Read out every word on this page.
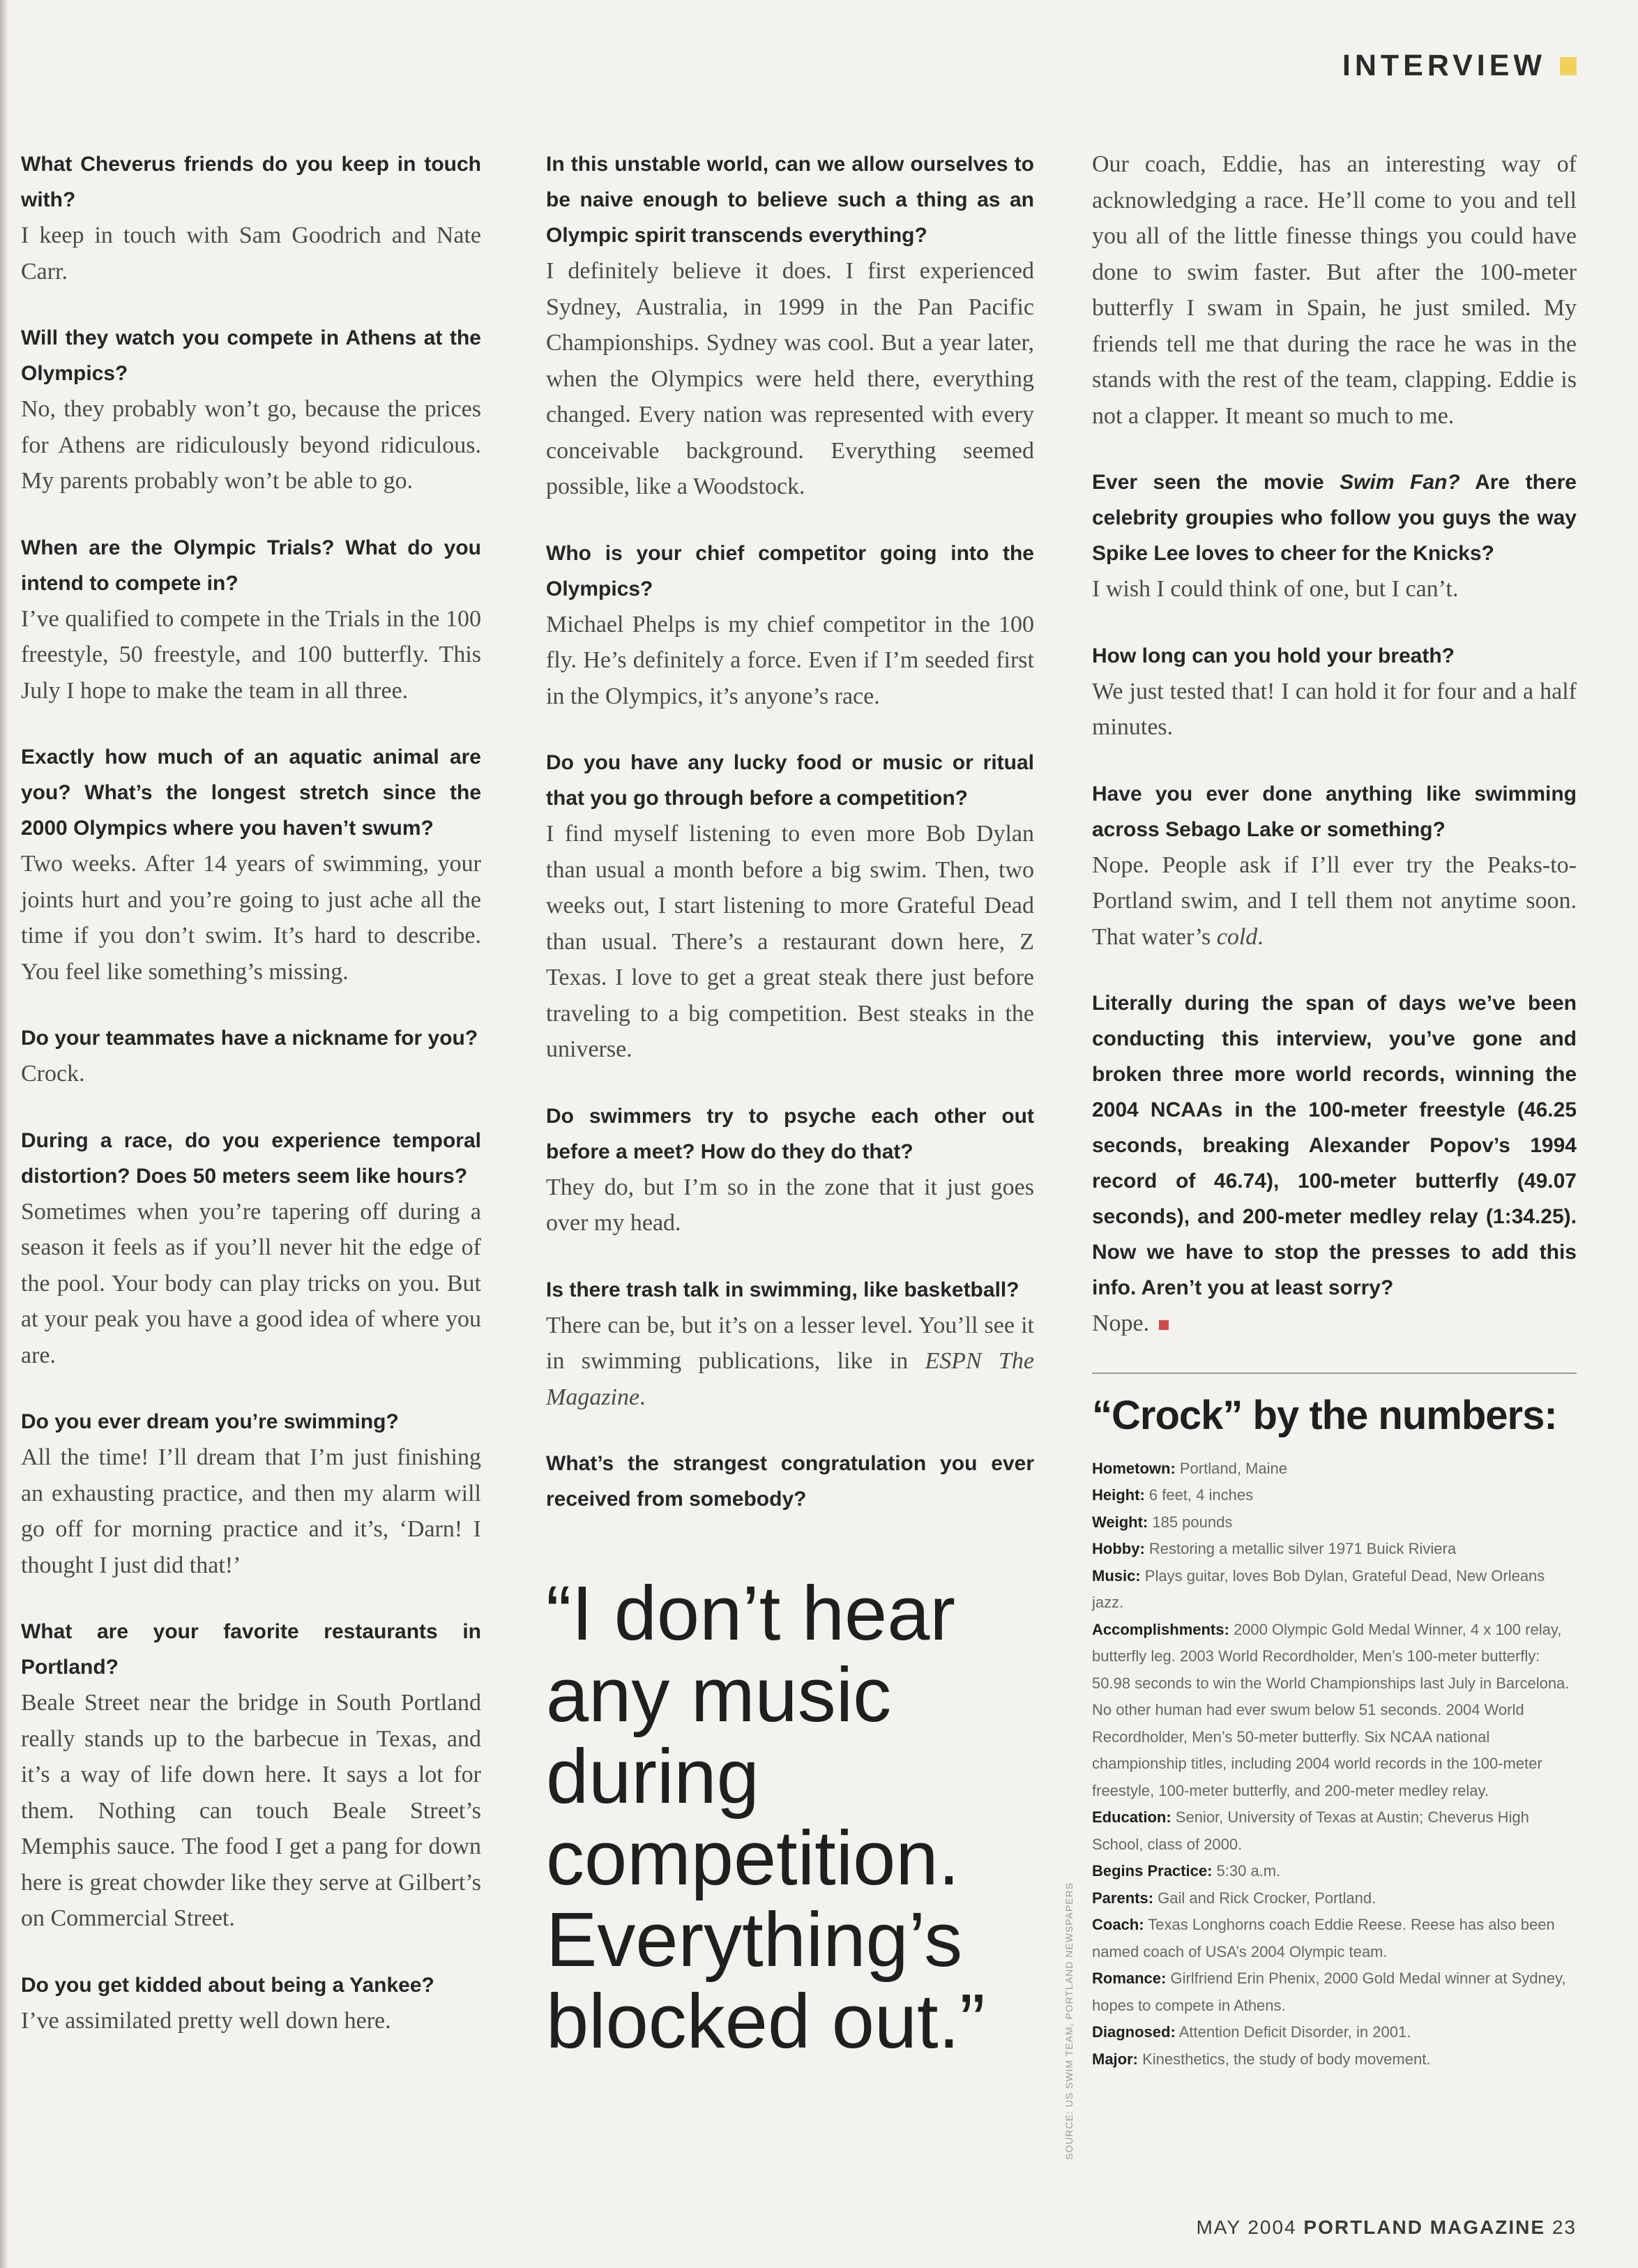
INTERVIEW

What Cheverus friends do you keep in touch with?

I keep in touch with Sam Goodrich and Nate Carr.

Will they watch you compete in Athens at the Olympics?

No, they probably won’t go, because the prices for Athens are ridiculously beyond ridiculous. My parents probably won’t be able to go.

When are the Olympic Trials? What do you intend to compete in?

I’ve qualified to compete in the Trials in the 100 freestyle, 50 freestyle, and 100 butterfly. This July I hope to make the team in all three.

Exactly how much of an aquatic animal are you? What’s the longest stretch since the 2000 Olympics where you haven’t swum?

Two weeks. After 14 years of swimming, your joints hurt and you’re going to just ache all the time if you don’t swim. It’s hard to describe. You feel like something’s missing.

Do your teammates have a nickname for you?

Crock.

During a race, do you experience temporal distortion? Does 50 meters seem like hours?

Sometimes when you’re tapering off during a season it feels as if you’ll never hit the edge of the pool. Your body can play tricks on you. But at your peak you have a good idea of where you are.

Do you ever dream you’re swimming?

All the time! I’ll dream that I’m just finishing an exhausting practice, and then my alarm will go off for morning practice and it’s, ‘Darn! I thought I just did that!’

What are your favorite restaurants in Portland?

Beale Street near the bridge in South Portland really stands up to the barbecue in Texas, and it’s a way of life down here. It says a lot for them. Nothing can touch Beale Street’s Memphis sauce. The food I get a pang for down here is great chowder like they serve at Gilbert’s on Commercial Street.

Do you get kidded about being a Yankee?

I’ve assimilated pretty well down here.

In this unstable world, can we allow ourselves to be naive enough to believe such a thing as an Olympic spirit transcends everything?

I definitely believe it does. I first experienced Sydney, Australia, in 1999 in the Pan Pacific Championships. Sydney was cool. But a year later, when the Olympics were held there, everything changed. Every nation was represented with every conceivable background. Everything seemed possible, like a Woodstock.

Who is your chief competitor going into the Olympics?

Michael Phelps is my chief competitor in the 100 fly. He’s definitely a force. Even if I’m seeded first in the Olympics, it’s anyone’s race.

Do you have any lucky food or music or ritual that you go through before a competition?

I find myself listening to even more Bob Dylan than usual a month before a big swim. Then, two weeks out, I start listening to more Grateful Dead than usual. There’s a restaurant down here, Z Texas. I love to get a great steak there just before traveling to a big competition. Best steaks in the universe.

Do swimmers try to psyche each other out before a meet? How do they do that?

They do, but I’m so in the zone that it just goes over my head.

Is there trash talk in swimming, like basketball?

There can be, but it’s on a lesser level. You’ll see it in swimming publications, like in ESPN The Magazine.

What’s the strangest congratulation you ever received from somebody?

“I don’t hear any music during competition. Everything’s blocked out.”

Our coach, Eddie, has an interesting way of acknowledging a race. He’ll come to you and tell you all of the little finesse things you could have done to swim faster. But after the 100-meter butterfly I swam in Spain, he just smiled. My friends tell me that during the race he was in the stands with the rest of the team, clapping. Eddie is not a clapper. It meant so much to me.

Ever seen the movie Swim Fan? Are there celebrity groupies who follow you guys the way Spike Lee loves to cheer for the Knicks?

I wish I could think of one, but I can’t.

How long can you hold your breath?

We just tested that! I can hold it for four and a half minutes.

Have you ever done anything like swimming across Sebago Lake or something?

Nope. People ask if I’ll ever try the Peaks-to-Portland swim, and I tell them not anytime soon. That water’s cold.

Literally during the span of days we’ve been conducting this interview, you’ve gone and broken three more world records, winning the 2004 NCAAs in the 100-meter freestyle (46.25 seconds, breaking Alexander Popov’s 1994 record of 46.74), 100-meter butterfly (49.07 seconds), and 200-meter medley relay (1:34.25). Now we have to stop the presses to add this info. Aren’t you at least sorry?

Nope.

“Crock” by the numbers:

Hometown: Portland, Maine

Height: 6 feet, 4 inches

Weight: 185 pounds

Hobby: Restoring a metallic silver 1971 Buick Riviera

Music: Plays guitar, loves Bob Dylan, Grateful Dead, New Orleans jazz.

Accomplishments: 2000 Olympic Gold Medal Winner, 4 x 100 relay, butterfly leg. 2003 World Recordholder, Men’s 100-meter butterfly: 50.98 seconds to win the World Championships last July in Barcelona. No other human had ever swum below 51 seconds. 2004 World Recordholder, Men’s 50-meter butterfly. Six NCAA national championship titles, including 2004 world records in the 100-meter freestyle, 100-meter butterfly, and 200-meter medley relay.

Education: Senior, University of Texas at Austin; Cheverus High School, class of 2000.

Begins Practice: 5:30 a.m.

Parents: Gail and Rick Crocker, Portland.

Coach: Texas Longhorns coach Eddie Reese. Reese has also been named coach of USA’s 2004 Olympic team.

Romance: Girlfriend Erin Phenix, 2000 Gold Medal winner at Sydney, hopes to compete in Athens.

Diagnosed: Attention Deficit Disorder, in 2001.

Major: Kinesthetics, the study of body movement.

SOURCE: US SWIM TEAM, PORTLAND NEWSPAPERS
MAY 2004 PORTLAND MAGAZINE 23
